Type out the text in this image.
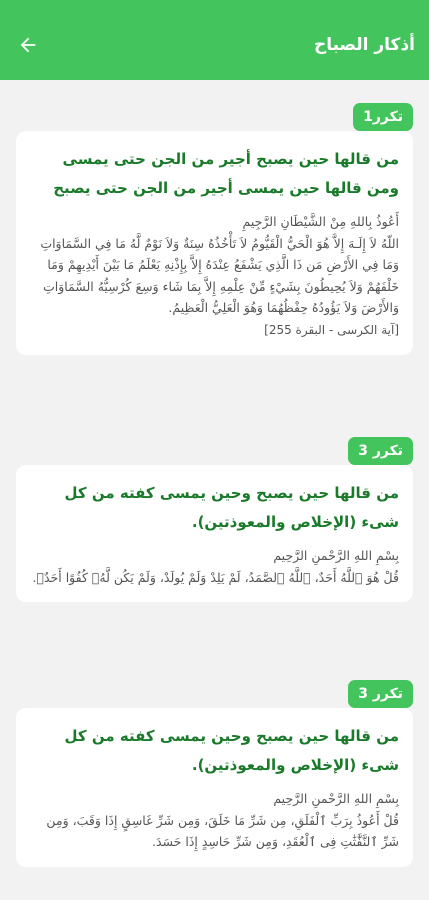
أذكار الصباح
تكرر1
من قالها حين يصبح أجير من الجن حتى يمسى ومن قالها حين يمسى أجير من الجن حتى يصبح
أَعُوذُ بِاللهِ مِنْ الشَّيْطَانِ الرَّجِيمِ
اللّهُ لاَ إِلَـهَ إِلاَّ هُوَ الْحَيُّ الْقَيُّومُ لاَ تَأْخُذُهُ سِنَةٌ وَلاَ نَوْمٌ لَّهُ مَا فِي السَّمَاوَاتِ وَمَا فِي الأَرْضِ مَن ذَا الَّذِي يَشْفَعُ عِنْدَهُ إِلاَّ بِإِذْنِهِ يَعْلَمُ مَا بَيْنَ أَيْدِيهِمْ وَمَا خَلْفَهُمْ وَلاَ يُحِيطُونَ بِشَيْءٍ مِّنْ عِلْمِهِ إِلاَّ بِمَا شَاء وَسِعَ كُرْسِيُّهُ السَّمَاوَاتِ وَالأَرْضَ وَلاَ يَؤُودُهُ حِفْظُهُمَا وَهُوَ الْعَلِيُّ الْعَظِيمُ.
[آية الكرسى - البقرة 255]
تكرر 3
من قالها حين يصبح وحين يمسى كفته من كل شىء (الإخلاص والمعوذتين).
بِسْمِ اللهِ الرَّحْمنِ الرَّحِيم
قُلْ هُوَ ٱللَّهُ أَحَدٌ، ٱللَّهُ ٱلصَّمَدُ، لَمْ يَلِدْ وَلَمْ يُولَدْ، وَلَمْ يَكُن لَّهُۥ كُفُوًا أَحَدٌۢ.
تكرر 3
من قالها حين يصبح وحين يمسى كفته من كل شىء (الإخلاص والمعوذتين).
بِسْمِ اللهِ الرَّحْمنِ الرَّحِيم
قُلْ أَعُوذُ بِرَبِّ ٱلْفَلَقِ، مِن شَرِّ مَا خَلَقَ، وَمِن شَرِّ غَاسِقٍ إِذَا وَقَبَ، وَمِن شَرِّ ٱلنَّفَّٰثَٰتِ فِى ٱلْعُقَدِ، وَمِن شَرِّ حَاسِدٍ إِذَا حَسَدَ.
